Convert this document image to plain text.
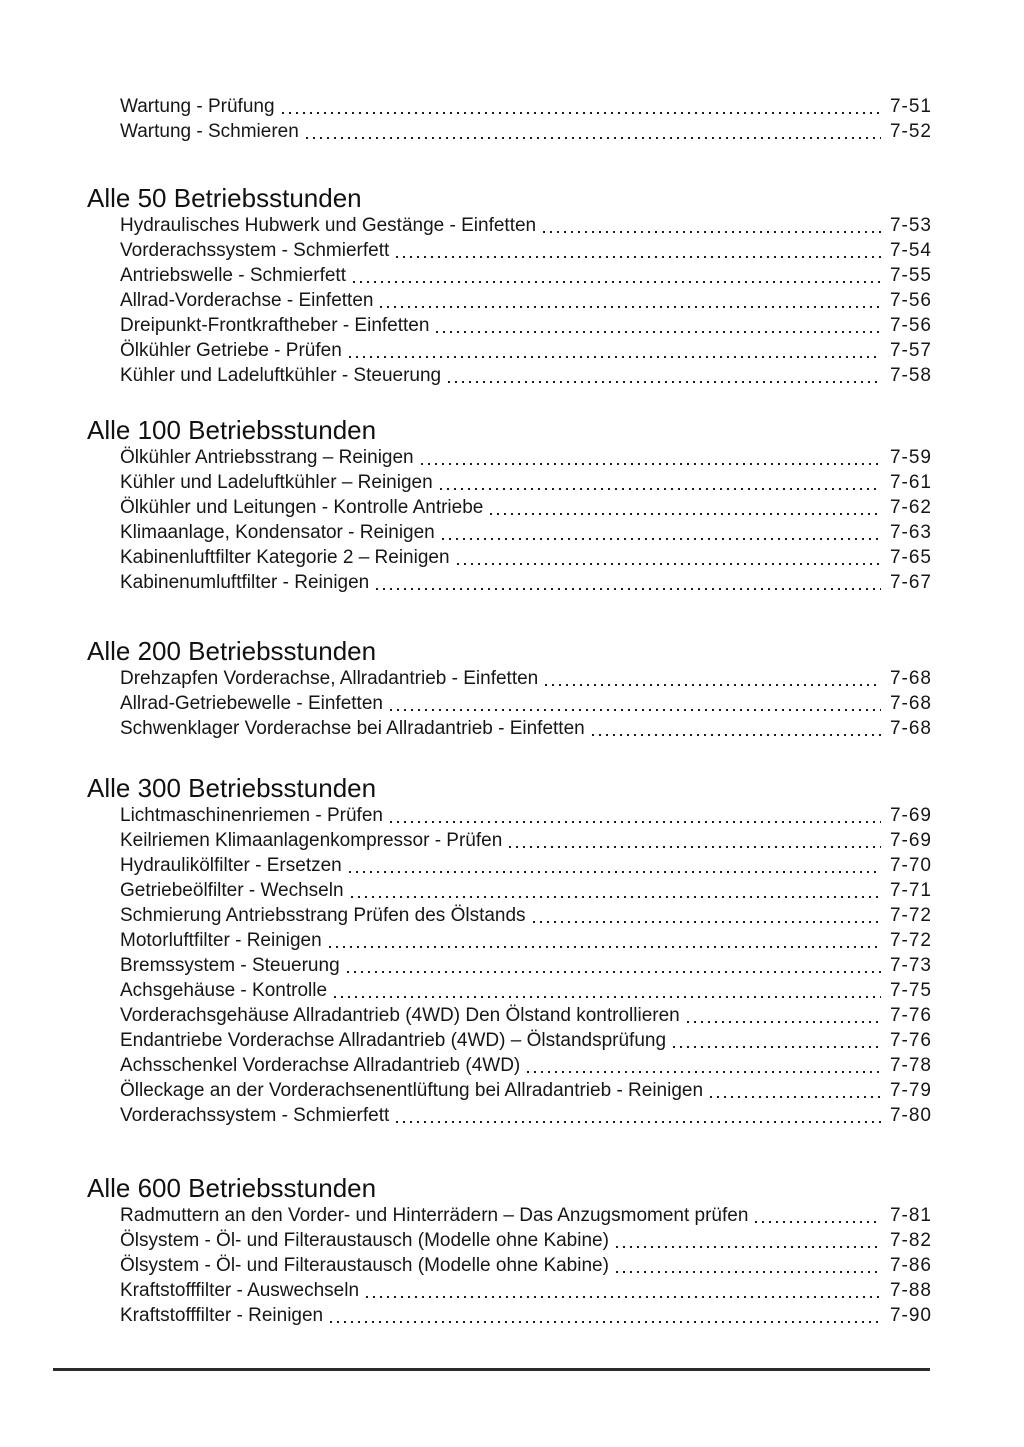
Wartung - Prüfung	7-51
Wartung - Schmieren	7-52
Alle 50 Betriebsstunden
Hydraulisches Hubwerk und Gestänge - Einfetten	7-53
Vorderachssystem - Schmierfett	7-54
Antriebswelle - Schmierfett	7-55
Allrad-Vorderachse - Einfetten	7-56
Dreipunkt-Frontkraftheber - Einfetten	7-56
Ölkühler Getriebe - Prüfen	7-57
Kühler und Ladeluftkühler - Steuerung	7-58
Alle 100 Betriebsstunden
Ölkühler Antriebsstrang – Reinigen	7-59
Kühler und Ladeluftkühler – Reinigen	7-61
Ölkühler und Leitungen - Kontrolle Antriebe	7-62
Klimaanlage, Kondensator - Reinigen	7-63
Kabinenluftfilter Kategorie 2 – Reinigen	7-65
Kabinenumluftfilter - Reinigen	7-67
Alle 200 Betriebsstunden
Drehzapfen Vorderachse, Allradantrieb - Einfetten	7-68
Allrad-Getriebewelle - Einfetten	7-68
Schwenklager Vorderachse bei Allradantrieb - Einfetten	7-68
Alle 300 Betriebsstunden
Lichtmaschinenriemen - Prüfen	7-69
Keilriemen Klimaanlagenkompressor - Prüfen	7-69
Hydraulikölfilter - Ersetzen	7-70
Getriebeölfilter - Wechseln	7-71
Schmierung Antriebsstrang Prüfen des Ölstands	7-72
Motorluftfilter - Reinigen	7-72
Bremssystem - Steuerung	7-73
Achsgehäuse - Kontrolle	7-75
Vorderachsgehäuse Allradantrieb (4WD) Den Ölstand kontrollieren	7-76
Endantriebe Vorderachse Allradantrieb (4WD) – Ölstandsprüfung	7-76
Achsschenkel Vorderachse Allradantrieb (4WD)	7-78
Ölleckage an der Vorderachsenentlüftung bei Allradantrieb - Reinigen	7-79
Vorderachssystem - Schmierfett	7-80
Alle 600 Betriebsstunden
Radmuttern an den Vorder- und Hinterrädern – Das Anzugsmoment prüfen	7-81
Ölsystem - Öl- und Filteraustausch (Modelle ohne Kabine)	7-82
Ölsystem - Öl- und Filteraustausch (Modelle ohne Kabine)	7-86
Kraftstofffilter - Auswechseln	7-88
Kraftstofffilter - Reinigen	7-90
